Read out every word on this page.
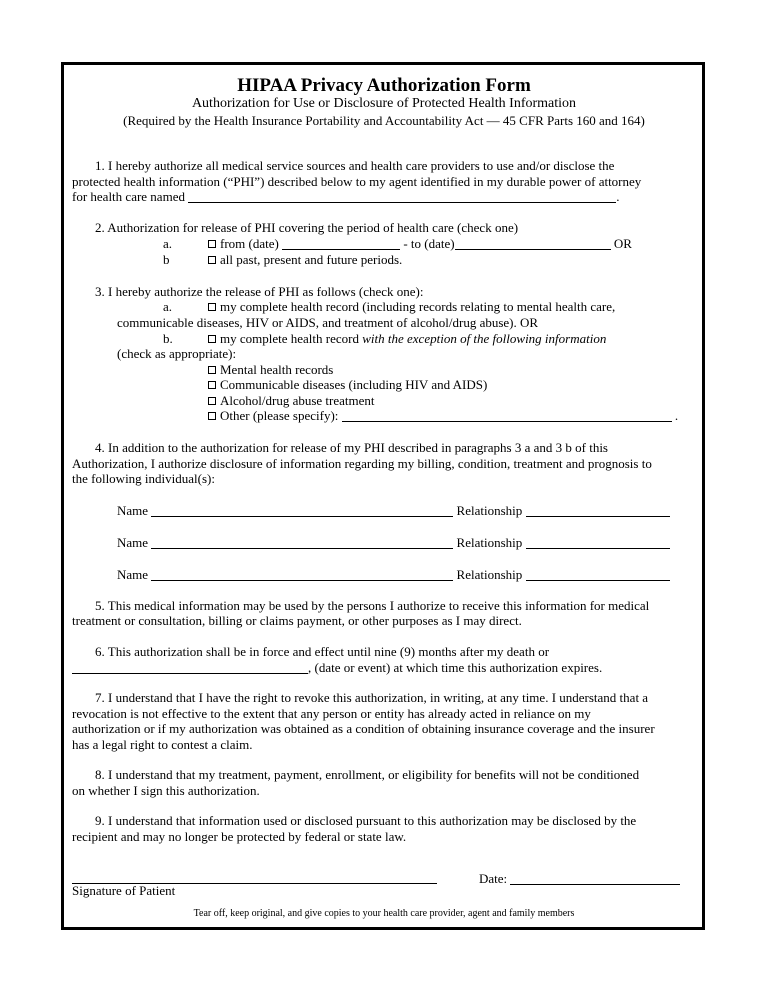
HIPAA Privacy Authorization Form
Authorization for Use or Disclosure of Protected Health Information
(Required by the Health Insurance Portability and Accountability Act — 45 CFR Parts 160 and 164)
1. I hereby authorize all medical service sources and health care providers to use and/or disclose the
protected health information (“PHI”) described below to my agent identified in my durable power of attorney
for health care named	.
2. Authorization for release of PHI covering the period of health care (check one)
a.	from (date)	- to (date)	OR
b	all past, present and future periods.
3. I hereby authorize the release of PHI as follows (check one):
a.	my complete health record (including records relating to mental health care,
communicable diseases, HIV or AIDS, and treatment of alcohol/drug abuse). OR
b.	my complete health record with the exception of the following information
(check as appropriate):
Mental health records
Communicable diseases (including HIV and AIDS)
Alcohol/drug abuse treatment
Other (please specify):	.
4. In addition to the authorization for release of my PHI described in paragraphs 3 a and 3 b of this
Authorization, I authorize disclosure of information regarding my billing, condition, treatment and prognosis to
the following individual(s):
Name	Relationship
Name	Relationship
Name	Relationship
5. This medical information may be used by the persons I authorize to receive this information for medical
treatment or consultation, billing or claims payment, or other purposes as I may direct.
6. This authorization shall be in force and effect until nine (9) months after my death or
, (date or event) at which time this authorization expires.
7. I understand that I have the right to revoke this authorization, in writing, at any time. I understand that a
revocation is not effective to the extent that any person or entity has already acted in reliance on my
authorization or if my authorization was obtained as a condition of obtaining insurance coverage and the insurer
has a legal right to contest a claim.
8. I understand that my treatment, payment, enrollment, or eligibility for benefits will not be conditioned
on whether I sign this authorization.
9. I understand that information used or disclosed pursuant to this authorization may be disclosed by the
recipient and may no longer be protected by federal or state law.
Signature of Patient
Date:
Tear off, keep original, and give copies to your health care provider, agent and family members
